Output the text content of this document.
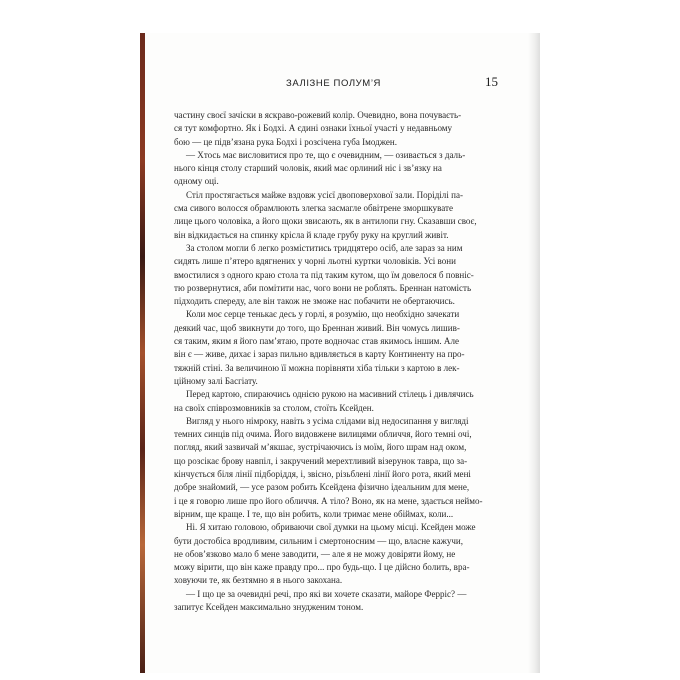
ЗАЛІЗНЕ ПОЛУМ’Я	15
частину своєї зачіски в яскраво-рожевий колір. Очевидно, вона почуваєть-
ся тут комфортно. Як і Бодхі. А єдині ознаки їхньої участі у недавньому
бою — це підв’язана рука Бодхі і розсічена губа Імоджен.
— Хтось має висловитися про те, що є очевидним, — озивається з даль-
нього кінця столу старший чоловік, який має орлиний ніс і зв’язку на
одному оці.
Стіл простягається майже вздовж усієї двоповерхової зали. Поріділі па-
сма сивого волосся обрамлюють злегка засмагле обвітрене зморшкувате
лице цього чоловіка, а його щоки звисають, як в антилопи гну. Сказавши своє,
він відкидається на спинку крісла й кладе грубу руку на круглий живіт.
За столом могли б легко розміститись тридцятеро осіб, але зараз за ним
сидять лише п’ятеро вдягнених у чорні льотні куртки чоловіків. Усі вони
вмостилися з одного краю стола та під таким кутом, що їм довелося б повніс-
тю розвернутися, аби помітити нас, чого вони не роблять. Бреннан натомість
підходить спереду, але він також не зможе нас побачити не обертаючись.
Коли моє серце тенькає десь у горлі, я розумію, що необхідно зачекати
деякий час, щоб звикнути до того, що Бреннан живий. Він чомусь лишив-
ся таким, яким я його пам’ятаю, проте водночас став якимось іншим. Але
він є — живе, дихає і зараз пильно вдивляється в карту Континенту на про-
тяжній стіні. За величиною її можна порівняти хіба тільки з картою в лек-
ційному залі Басгіату.
Перед картою, спираючись однією рукою на масивний стілець і дивлячись
на своїх співрозмовників за столом, стоїть Ксейден.
Вигляд у нього німроку, навіть з усіма слідами від недосипання у вигляді
темних синців під очима. Його видовжене вилицями обличчя, його темні очі,
погляд, який зазвичай м’якшає, зустрічаючись із моїм, його шрам над оком,
що розсікає брову навпіл, і закручений мерехтливий візерунок тавра, що за-
кінчується біля лінії підборіддя, і, звісно, різьблені лінії його рота, який мені
добре знайомий, — усе разом робить Ксейдена фізично ідеальним для мене,
і це я говорю лише про його обличчя. А тіло? Воно, як на мене, здається неймо-
вірним, ще краще. І те, що він робить, коли тримає мене обіймах, коли...
Ні. Я хитаю головою, обриваючи свої думки на цьому місці. Ксейден може
бути достобіса вродливим, сильним і смертоносним — що, власне кажучи,
не обов’язково мало б мене заводити, — але я не можу довіряти йому, не
можу вірити, що він каже правду про... про будь-що. І це дійсно болить, вра-
ховуючи те, як безтямно я в нього закохана.
— І що це за очевидні речі, про які ви хочете сказати, майоре Ферріс? —
запитує Ксейден максимально знудженим тоном.
